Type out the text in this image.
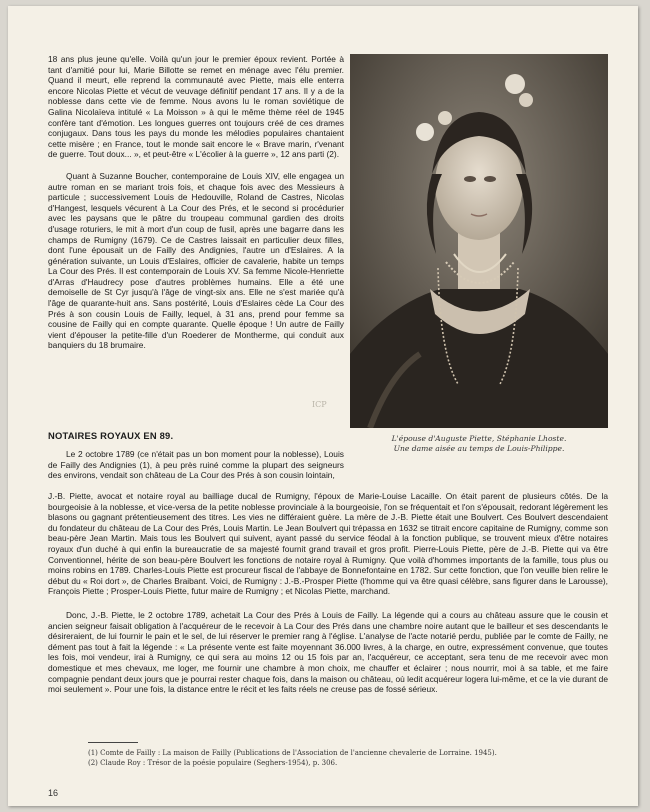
18 ans plus jeune qu'elle. Voilà qu'un jour le premier époux revient. Portée à tant d'amitié pour lui, Marie Billotte se remet en ménage avec l'élu premier. Quand il meurt, elle reprend la communauté avec Piette, mais elle enterra encore Nicolas Piette et vécut de veuvage définitif pendant 17 ans. Il y a de la noblesse dans cette vie de femme. Nous avons lu le roman soviétique de Galina Nicolaïeva intitulé « La Moisson » à qui le même thème réel de 1945 confère tant d'émotion. Les longues guerres ont toujours créé de ces drames conjugaux. Dans tous les pays du monde les mélodies populaires chantaient cette misère ; en France, tout le monde sait encore le « Brave marin, r'venant de guerre. Tout doux... », et peut-être « L'écolier à la guerre », 12 ans parti (2).

Quant à Suzanne Boucher, contemporaine de Louis XIV, elle engagea un autre roman en se mariant trois fois, et chaque fois avec des Messieurs à particule ; successivement Louis de Hedouville, Roland de Castres, Nicolas d'Hangest, lesquels vécurent à La Cour des Prés, et le second si procédurier avec les paysans que le pâtre du troupeau communal gardien des droits d'usage roturiers, le mit à mort d'un coup de fusil, après une bagarre dans les champs de Rumigny (1679). Ce de Castres laissait en particulier deux filles, dont l'une épousait un de Failly des Andignies, l'autre un d'Eslaires. A la génération suivante, un Louis d'Eslaires, officier de cavalerie, habite un temps La Cour des Prés. Il est contemporain de Louis XV. Sa femme Nicole-Henriette d'Arras d'Haudrecy pose d'autres problèmes humains. Elle a été une demoiselle de St Cyr jusqu'à l'âge de vingt-six ans. Elle ne s'est mariée qu'à l'âge de quarante-huit ans. Sans postérité, Louis d'Eslaires cède La Cour des Prés à son cousin Louis de Failly, lequel, à 31 ans, prend pour femme sa cousine de Failly qui en compte quarante. Quelle époque ! Un autre de Failly vient d'épouser la petite-fille d'un Roederer de Montherme, qui conduit aux banquiers du 18 brumaire.

ICP
L'épouse d'Auguste Piette, Stéphanie Lhoste.
Une dame aisée au temps de Louis-Philippe.
NOTAIRES ROYAUX EN 89.

Le 2 octobre 1789 (ce n'était pas un bon moment pour la noblesse), Louis de Failly des Andignies (1), à peu près ruiné comme la plupart des seigneurs des environs, vendait son château de La Cour des Prés à son cousin lointain,

J.-B. Piette, avocat et notaire royal au bailliage ducal de Rumigny, l'époux de Marie-Louise Lacaille. On était parent de plusieurs côtés. De la bourgeoisie à la noblesse, et vice-versa de la petite noblesse provinciale à la bourgeoisie, l'on se fréquentait et l'on s'épousait, redorant légèrement les blasons ou gagnant prétentieusement des titres. Les vies ne différaient guère. La mère de J.-B. Piette était une Boulvert. Ces Boulvert descendaient du fondateur du château de La Cour des Prés, Louis Martin. Le Jean Boulvert qui trépassa en 1632 se titrait encore capitaine de Rumigny, comme son beau-père Jean Martin. Mais tous les Boulvert qui suivent, ayant passé du service féodal à la fonction publique, se trouvent mieux d'être notaires royaux d'un duché à qui enfin la bureaucratie de sa majesté fournit grand travail et gros profit. Pierre-Louis Piette, père de J.-B. Piette qui va être Conventionnel, hérite de son beau-père Boulvert les fonctions de notaire royal à Rumigny. Que voilà d'hommes importants de la famille, tous plus ou moins robins en 1789. Charles-Louis Piette est procureur fiscal de l'abbaye de Bonnefontaine en 1782. Sur cette fonction, que l'on veuille bien relire le début du « Roi dort », de Charles Braibant. Voici, de Rumigny : J.-B.-Prosper Piette (l'homme qui va être quasi célèbre, sans figurer dans le Larousse), François Piette ; Prosper-Louis Piette, futur maire de Rumigny ; et Nicolas Piette, marchand.

Donc, J.-B. Piette, le 2 octobre 1789, achetait La Cour des Prés à Louis de Failly. La légende qui a cours au château assure que le cousin et ancien seigneur faisait obligation à l'acquéreur de le recevoir à La Cour des Prés dans une chambre noire autant que le bailleur et ses descendants le désireraient, de lui fournir le pain et le sel, de lui réserver le premier rang à l'église. L'analyse de l'acte notarié perdu, publiée par le comte de Failly, ne dément pas tout à fait la légende : « La présente vente est faite moyennant 36.000 livres, à la charge, en outre, expressément convenue, que toutes les fois, moi vendeur, irai à Rumigny, ce qui sera au moins 12 ou 15 fois par an, l'acquéreur, ce acceptant, sera tenu de me recevoir avec mon domestique et mes chevaux, me loger, me fournir une chambre à mon choix, me chauffer et éclairer ; nous nourrir, moi à sa table, et me faire compagnie pendant deux jours que je pourrai rester chaque fois, dans la maison ou château, où ledit acquéreur logera lui-même, et ce la vie durant de moi seulement ». Pour une fois, la distance entre le récit et les faits réels ne creuse pas de fossé sérieux.

(1) Comte de Failly : La maison de Failly (Publications de l'Association de l'ancienne chevalerie de Lorraine. 1945).
(2) Claude Roy : Trésor de la poésie populaire (Seghers-1954), p. 306.
16
